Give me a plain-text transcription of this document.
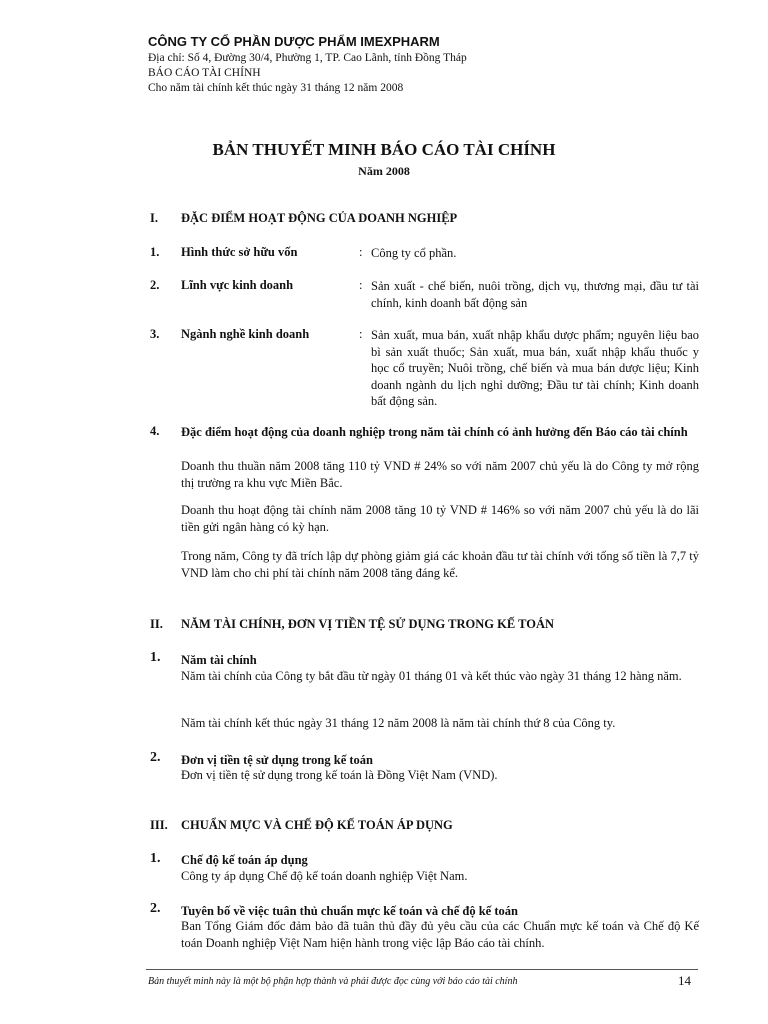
CÔNG TY CỔ PHẦN DƯỢC PHẨM IMEXPHARM
Địa chỉ: Số 4, Đường 30/4, Phường 1, TP. Cao Lãnh, tỉnh Đồng Tháp
BÁO CÁO TÀI CHÍNH
Cho năm tài chính kết thúc ngày 31 tháng 12 năm 2008
BẢN THUYẾT MINH BÁO CÁO TÀI CHÍNH
Năm 2008
I. ĐẶC ĐIỂM HOẠT ĐỘNG CỦA DOANH NGHIỆP
1. Hình thức sở hữu vốn	: Công ty cổ phần.
2. Lĩnh vực kinh doanh	: Sản xuất - chế biến, nuôi trồng, dịch vụ, thương mại, đầu tư tài chính, kinh doanh bất động sản
3. Ngành nghề kinh doanh	: Sản xuất, mua bán, xuất nhập khẩu dược phẩm; nguyên liệu bao bì sản xuất thuốc; Sản xuất, mua bán, xuất nhập khẩu thuốc y học cổ truyền; Nuôi trồng, chế biến và mua bán dược liệu; Kinh doanh ngành du lịch nghỉ dưỡng; Đầu tư tài chính; Kinh doanh bất động sản.
4. Đặc điểm hoạt động của doanh nghiệp trong năm tài chính có ảnh hưởng đến Báo cáo tài chính
Doanh thu thuần năm 2008 tăng 110 tỷ VND # 24% so với năm 2007 chủ yếu là do Công ty mở rộng thị trường ra khu vực Miền Bắc.
Doanh thu hoạt động tài chính năm 2008 tăng 10 tỷ VND # 146% so với năm 2007 chủ yếu là do lãi tiền gửi ngân hàng có kỳ hạn.
Trong năm, Công ty đã trích lập dự phòng giảm giá các khoản đầu tư tài chính với tổng số tiền là 7,7 tỷ VND làm cho chi phí tài chính năm 2008 tăng đáng kể.
II. NĂM TÀI CHÍNH, ĐƠN VỊ TIỀN TỆ SỬ DỤNG TRONG KẾ TOÁN
1. Năm tài chính
Năm tài chính của Công ty bắt đầu từ ngày 01 tháng 01 và kết thúc vào ngày 31 tháng 12 hàng năm.
Năm tài chính kết thúc ngày 31 tháng 12 năm 2008 là năm tài chính thứ 8 của Công ty.
2. Đơn vị tiền tệ sử dụng trong kế toán
Đơn vị tiền tệ sử dụng trong kế toán là Đồng Việt Nam (VND).
III. CHUẨN MỰC VÀ CHẾ ĐỘ KẾ TOÁN ÁP DỤNG
1. Chế độ kế toán áp dụng
Công ty áp dụng Chế độ kế toán doanh nghiệp Việt Nam.
2. Tuyên bố về việc tuân thủ chuẩn mực kế toán và chế độ kế toán
Ban Tổng Giám đốc đảm bảo đã tuân thủ đầy đủ yêu cầu của các Chuẩn mực kế toán và Chế độ Kế toán Doanh nghiệp Việt Nam hiện hành trong việc lập Báo cáo tài chính.
Bản thuyết minh này là một bộ phận hợp thành và phải được đọc cùng với báo cáo tài chính	14
